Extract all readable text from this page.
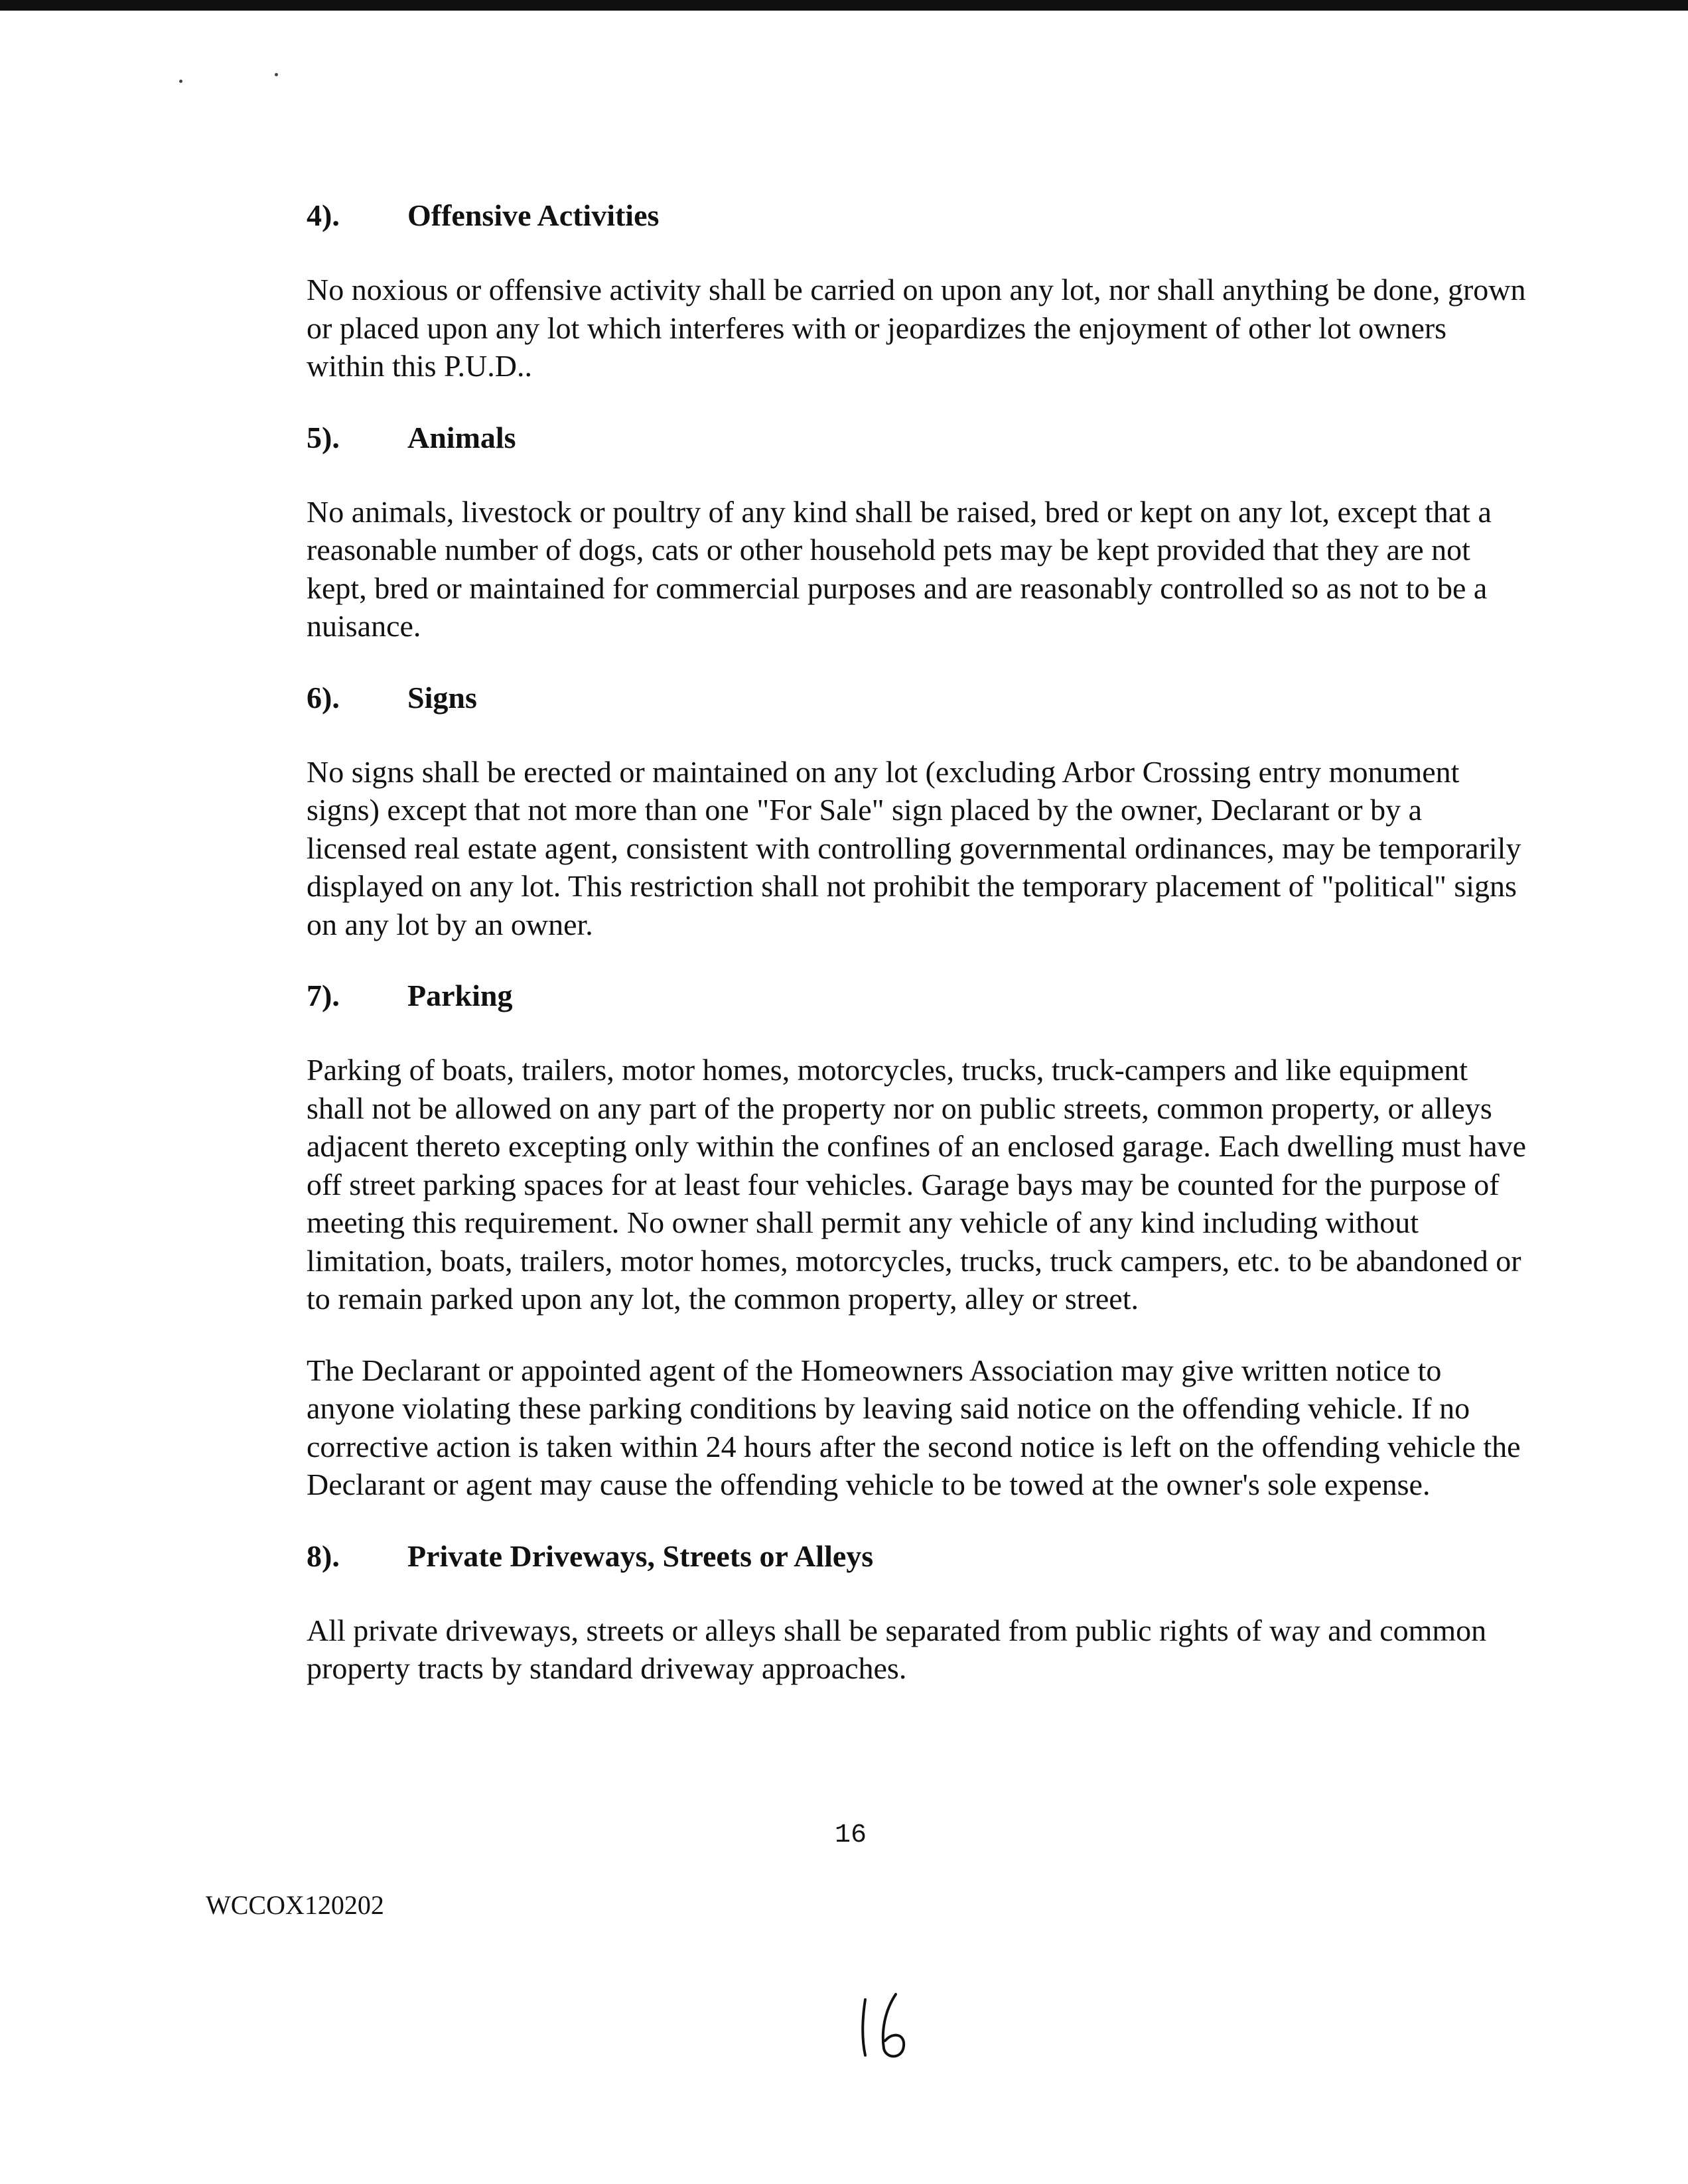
4).	Offensive Activities

No noxious or offensive activity shall be carried on upon any lot, nor shall anything be done, grown or placed upon any lot which interferes with or jeopardizes the enjoyment of other lot owners within this P.U.D..

5).	Animals

No animals, livestock or poultry of any kind shall be raised, bred or kept on any lot, except that a reasonable number of dogs, cats or other household pets may be kept provided that they are not kept, bred or maintained for commercial purposes and are reasonably controlled so as not to be a nuisance.

6).	Signs

No signs shall be erected or maintained on any lot (excluding Arbor Crossing entry monument signs) except that not more than one "For Sale" sign placed by the owner, Declarant or by a licensed real estate agent, consistent with controlling governmental ordinances, may be temporarily displayed on any lot. This restriction shall not prohibit the temporary placement of "political" signs on any lot by an owner.

7).	Parking

Parking of boats, trailers, motor homes, motorcycles, trucks, truck-campers and like equipment shall not be allowed on any part of the property nor on public streets, common property, or alleys adjacent thereto excepting only within the confines of an enclosed garage. Each dwelling must have off street parking spaces for at least four vehicles. Garage bays may be counted for the purpose of meeting this requirement. No owner shall permit any vehicle of any kind including without limitation, boats, trailers, motor homes, motorcycles, trucks, truck campers, etc. to be abandoned or to remain parked upon any lot, the common property, alley or street.

The Declarant or appointed agent of the Homeowners Association may give written notice to anyone violating these parking conditions by leaving said notice on the offending vehicle. If no corrective action is taken within 24 hours after the second notice is left on the offending vehicle the Declarant or agent may cause the offending vehicle to be towed at the owner's sole expense.

8).	Private Driveways, Streets or Alleys

All private driveways, streets or alleys shall be separated from public rights of way and common property tracts by standard driveway approaches.

16
WCCOX120202
